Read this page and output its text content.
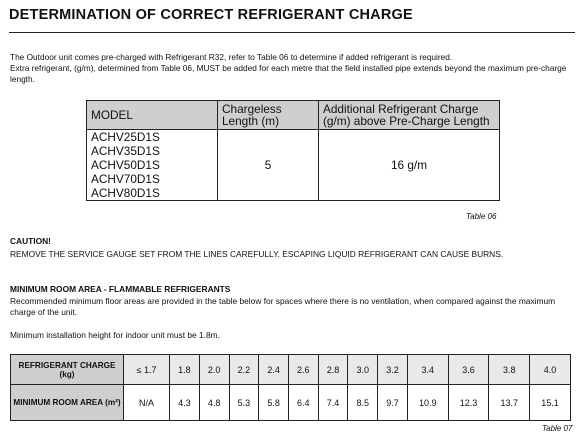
DETERMINATION OF CORRECT REFRIGERANT CHARGE

The Outdoor unit comes pre-charged with Refrigerant R32, refer to Table 06 to determine if added refrigerant is required.

Extra refrigerant, (g/m), determined from Table 06, MUST be added for each metre that the field installed pipe extends beyond the maximum pre-charge length.

MODEL	Chargeless Length (m)	Additional Refrigerant Charge (g/m) above Pre-Charge Length

ACHV25D1S
ACHV35D1S
ACHV50D1S
ACHV70D1S
ACHV80D1S	5	16 g/m
Table 06
CAUTION!
REMOVE THE SERVICE GAUGE SET FROM THE LINES CAREFULLY. ESCAPING LIQUID REFRIGERANT CAN CAUSE BURNS.
MINIMUM ROOM AREA - FLAMMABLE REFRIGERANTS
Recommended minimum floor areas are provided in the table below for spaces where there is no ventilation, when compared against the maximum charge of the unit.
Minimum installation height for indoor unit must be 1.8m.
REFRIGERANT CHARGE (kg)	≤ 1.7	1.8	2.0	2.2	2.4	2.6	2.8	3.0	3.2	3.4	3.6	3.8	4.0
MINIMUM ROOM AREA (m²)	N/A	4.3	4.8	5.3	5.8	6.4	7.4	8.5	9.7	10.9	12.3	13.7	15.1
Table 07
